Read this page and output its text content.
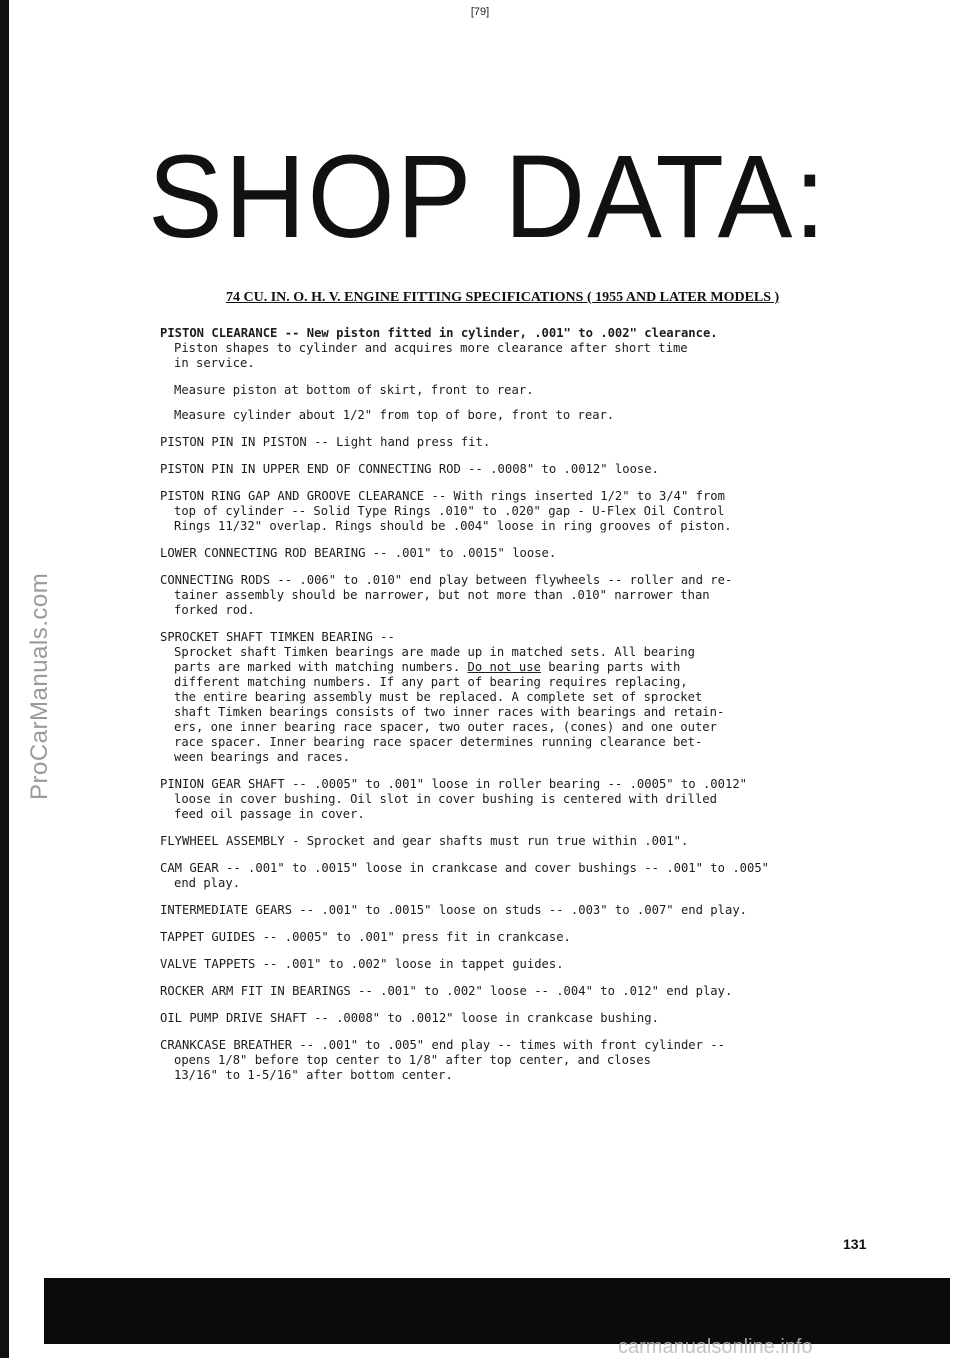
[79]
ProCarManuals.com
SHOP DATA:
74 CU. IN. O. H. V. ENGINE FITTING SPECIFICATIONS ( 1955 AND LATER MODELS )
PISTON CLEARANCE -- New piston fitted in cylinder, .001" to .002" clearance.
Piston shapes to cylinder and acquires more clearance after short time
in service.
Measure piston at bottom of skirt, front to rear.
Measure cylinder about 1/2" from top of bore, front to rear.
PISTON PIN IN PISTON -- Light hand press fit.
PISTON PIN IN UPPER END OF CONNECTING ROD -- .0008" to .0012" loose.
PISTON RING GAP AND GROOVE CLEARANCE -- With rings inserted 1/2" to 3/4" from
top of cylinder -- Solid Type Rings .010" to .020" gap - U-Flex Oil Control
Rings 11/32" overlap. Rings should be .004" loose in ring grooves of piston.
LOWER CONNECTING ROD BEARING -- .001" to .0015" loose.
CONNECTING RODS -- .006" to .010" end play between flywheels -- roller and re-
tainer assembly should be narrower, but not more than .010" narrower than
forked rod.
SPROCKET SHAFT TIMKEN BEARING --
Sprocket shaft Timken bearings are made up in matched sets. All bearing
parts are marked with matching numbers. Do not use bearing parts with
different matching numbers. If any part of bearing requires replacing,
the entire bearing assembly must be replaced. A complete set of sprocket
shaft Timken bearings consists of two inner races with bearings and retain-
ers, one inner bearing race spacer, two outer races, (cones) and one outer
race spacer. Inner bearing race spacer determines running clearance bet-
ween bearings and races.
PINION GEAR SHAFT -- .0005" to .001" loose in roller bearing -- .0005" to .0012"
loose in cover bushing. Oil slot in cover bushing is centered with drilled
feed oil passage in cover.
FLYWHEEL ASSEMBLY - Sprocket and gear shafts must run true within .001".
CAM GEAR -- .001" to .0015" loose in crankcase and cover bushings -- .001" to .005"
end play.
INTERMEDIATE GEARS -- .001" to .0015" loose on studs -- .003" to .007" end play.
TAPPET GUIDES -- .0005" to .001" press fit in crankcase.
VALVE TAPPETS -- .001" to .002" loose in tappet guides.
ROCKER ARM FIT IN BEARINGS -- .001" to .002" loose -- .004" to .012" end play.
OIL PUMP DRIVE SHAFT -- .0008" to .0012" loose in crankcase bushing.
CRANKCASE BREATHER -- .001" to .005" end play -- times with front cylinder --
opens 1/8" before top center to 1/8" after top center, and closes
13/16" to 1-5/16" after bottom center.
131
carmanualsonline.info
